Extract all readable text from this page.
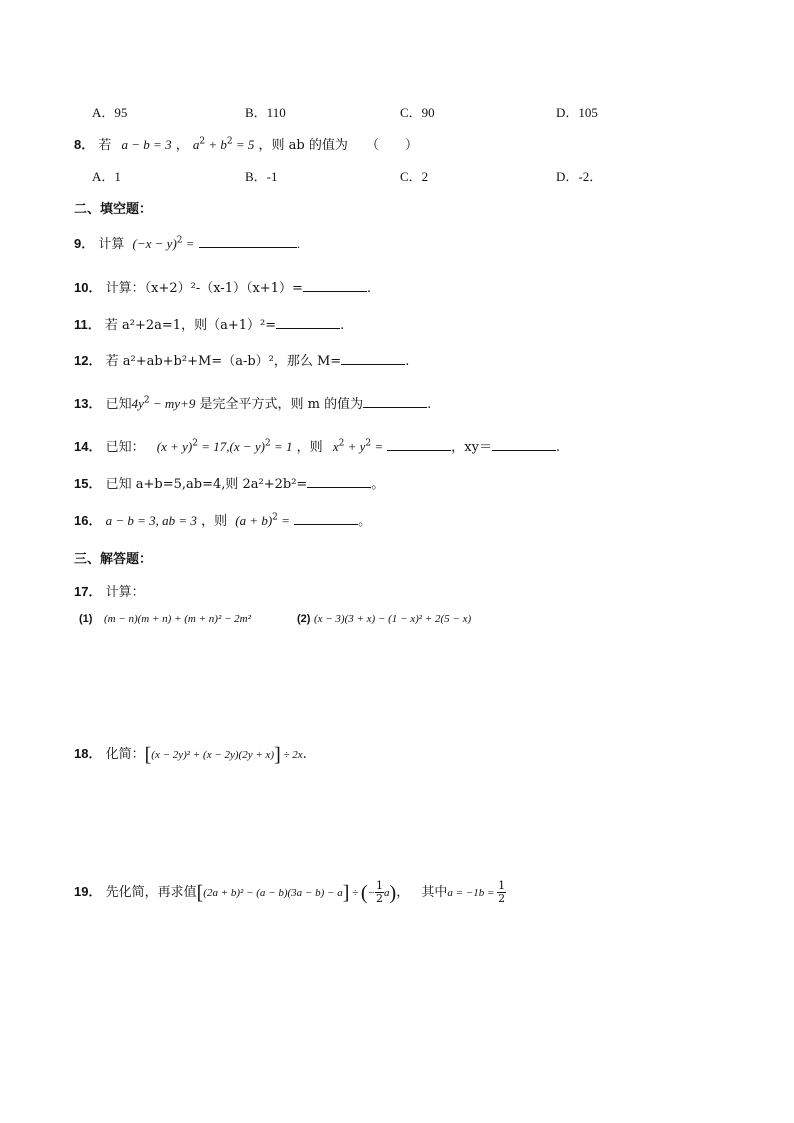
A．95	B．110	C．90	D．105
8． 若 a − b = 3 ， $a^2 + b^2 = 5$ ，则 ab 的值为 （　　）
A．1	B．-1	C．2	D．-2．
二、填空题：
9． 计算 $(-x - y)^2$ =	.
10． 计算：（x+2）²-（x-1）（x+1）=	.
11． 若 a²+2a=1，则（a+1）²=	.
12． 若 a²+ab+b²+M=（a-b）²，那么 M=	.
13． 已知$4y^2 - my+9$ 是完全平方式，则 m 的值为	.
14． 已知： $(x + y)^2 = 17,(x - y)^2 = 1$ ，则 $x^2 + y^2$ =	，xy＝	.
15． 已知 a+b=5,ab=4,则 2a²+2b²=	。
16． a − b = 3, ab = 3 ，则 $(a + b)^2$ =	。
三、解答题：
17． 计算：
(1) (m − n)(m + n) + (m + n)² − 2m²	(2) (x − 3)(3 + x) − (1 − x)² + 2(5 − x)
18． 化简：[(x − 2y)² + (x − 2y)(2y + x)] ÷ 2x.
19． 先化简，再求值[(2a + b)² − (a − b)(3a − b) − a] ÷ (− $\frac{1}{2} a$)， 其中$a = -1b = \frac{1}{2}$
